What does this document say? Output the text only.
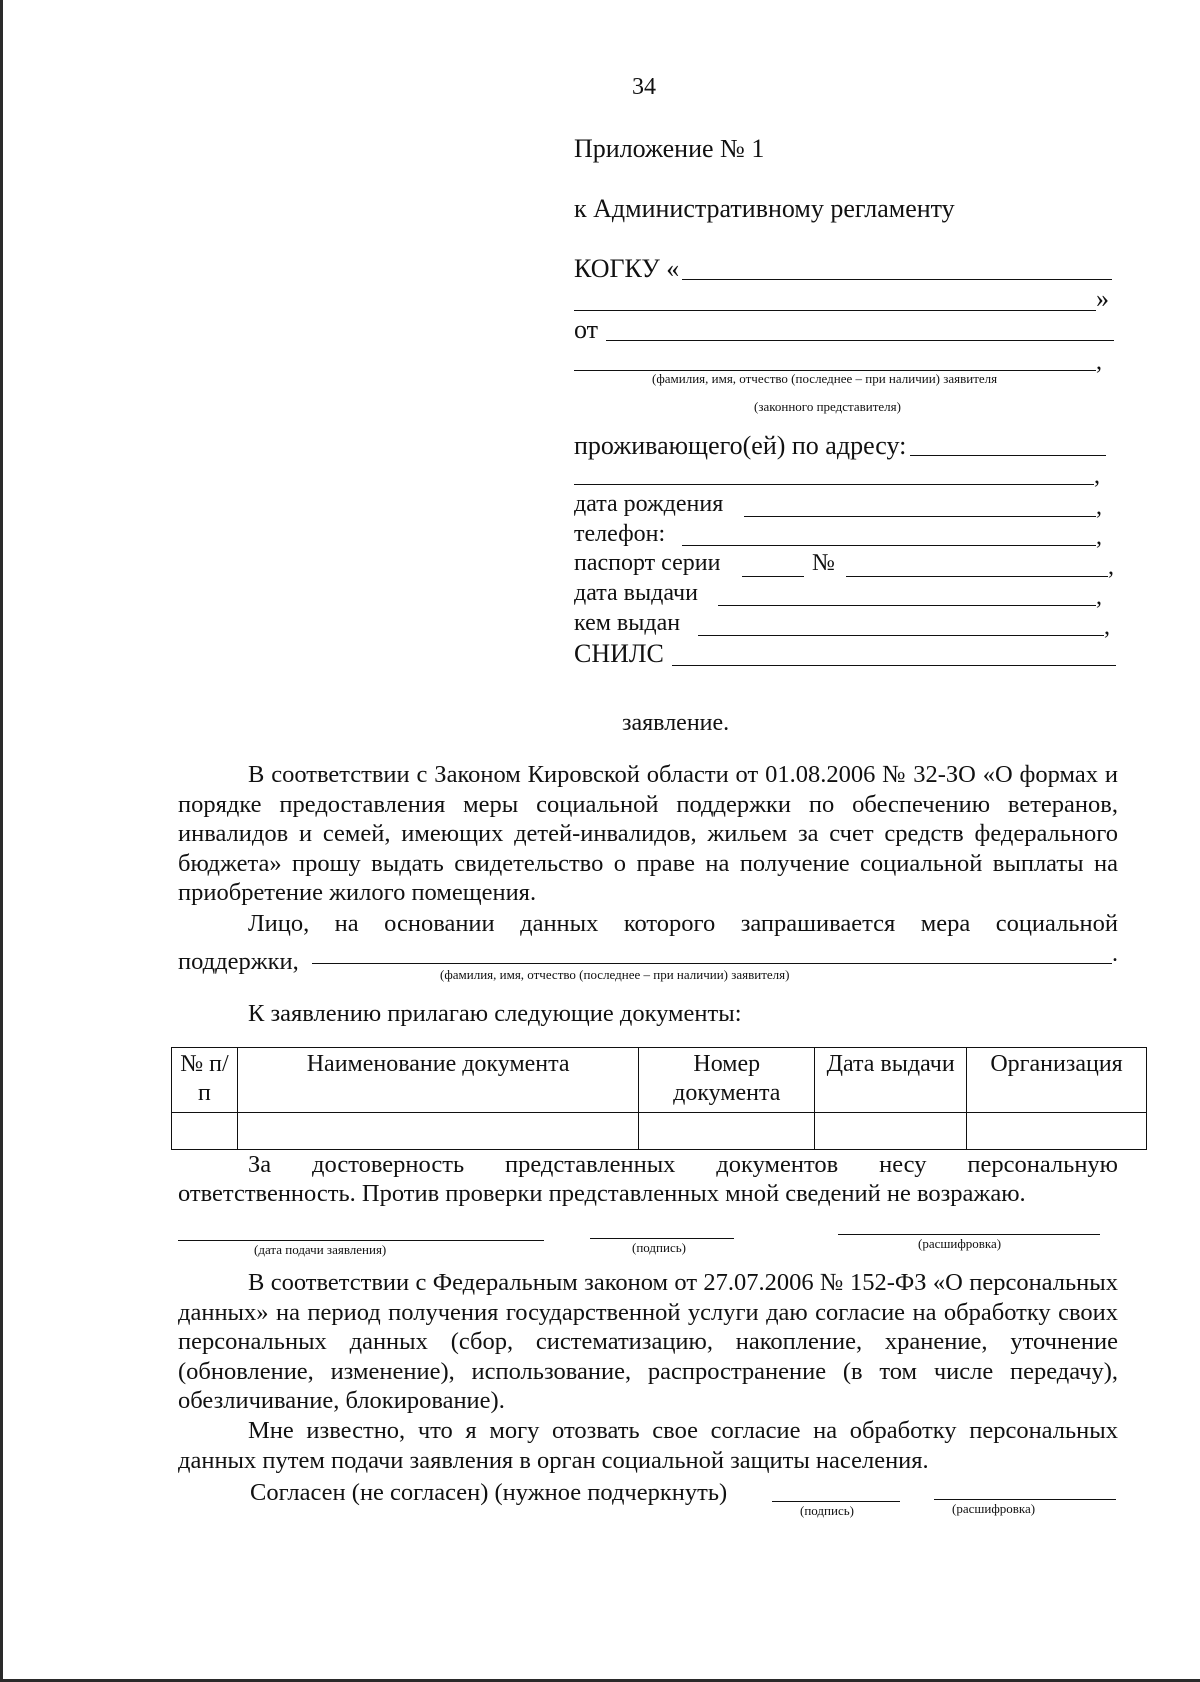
34
Приложение № 1
к Административному регламенту
КОГКУ «
»
от
,
(фамилия, имя, отчество (последнее – при наличии) заявителя
(законного представителя)
проживающего(ей) по адресу:
,
дата рождения	,
телефон:	,
паспорт серии	№	,
дата выдачи	,
кем выдан	,
СНИЛС
заявление.
В соответствии с Законом Кировской области от 01.08.2006 № 32-ЗО «О формах и порядке предоставления меры социальной поддержки по обеспечению ветеранов, инвалидов и семей, имеющих детей-инвалидов, жильем за счет средств федерального бюджета» прошу выдать свидетельство о праве на получение социальной выплаты на приобретение жилого помещения.
Лицо, на основании данных которого запрашивается мера социальной
поддержки,	.
(фамилия, имя, отчество (последнее – при наличии) заявителя)
К заявлению прилагаю следующие документы:
№ п/п	Наименование документа	Номер документа	Дата выдачи	Организация

За достоверность представленных документов несу персональную
ответственность. Против проверки представленных мной сведений не возражаю.
(дата подачи заявления)	(подпись)	(расшифровка)
В соответствии с Федеральным законом от 27.07.2006 № 152-ФЗ «О персональных данных» на период получения государственной услуги даю согласие на обработку своих персональных данных (сбор, систематизацию, накопление, хранение, уточнение (обновление, изменение), использование, распространение (в том числе передачу), обезличивание, блокирование).
Мне известно, что я могу отозвать свое согласие на обработку персональных данных путем подачи заявления в орган социальной защиты населения.
Согласен (не согласен) (нужное подчеркнуть)
(подпись)	(расшифровка)
